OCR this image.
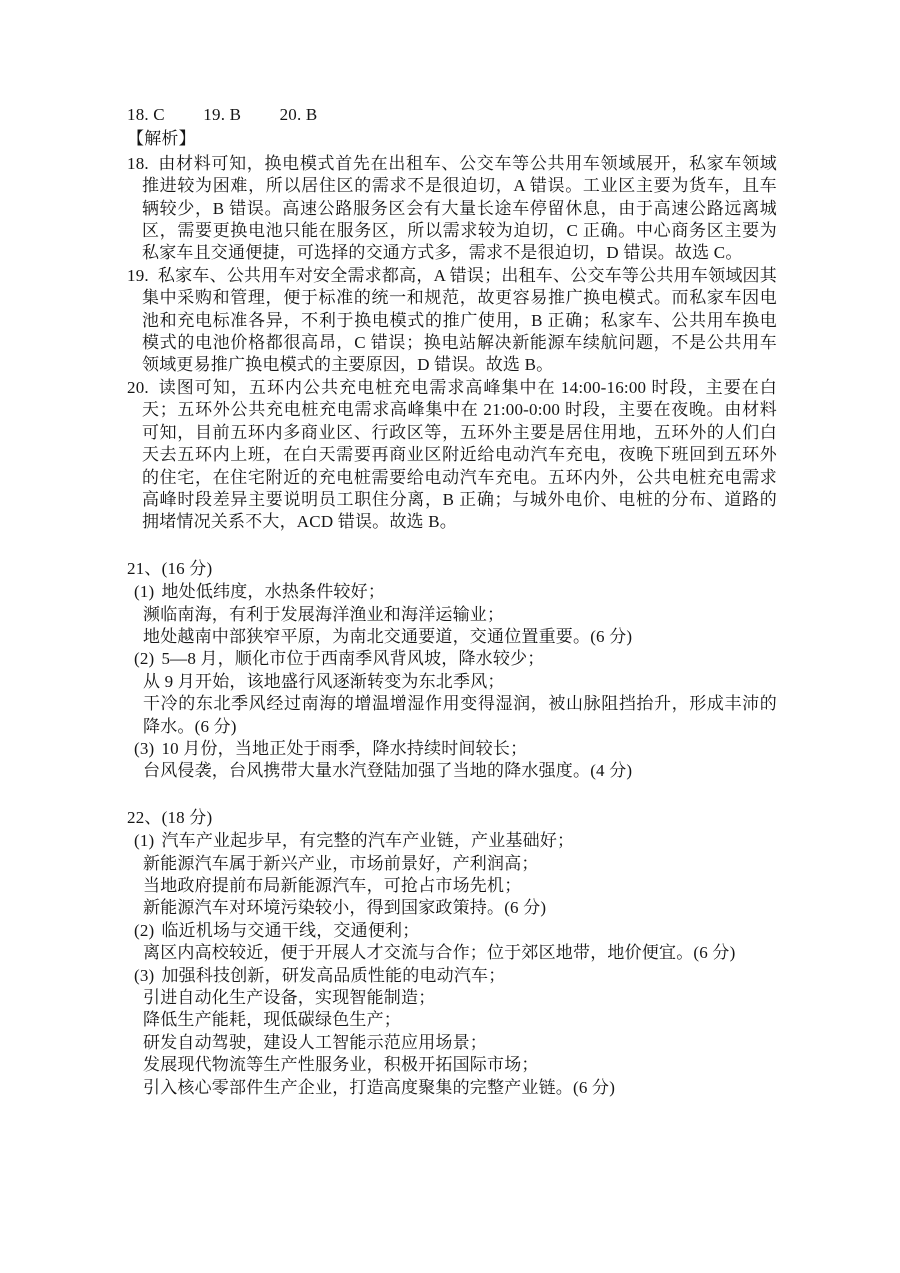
18. C 19. B 20. B
【解析】

18. 由材料可知，换电模式首先在出租车、公交车等公共用车领域展开，私家车领域推进较为困难，所以居住区的需求不是很迫切，A 错误。工业区主要为货车，且车辆较少，B 错误。高速公路服务区会有大量长途车停留休息，由于高速公路远离城区，需要更换电池只能在服务区，所以需求较为迫切，C 正确。中心商务区主要为私家车且交通便捷，可选择的交通方式多，需求不是很迫切，D 错误。故选 C。

19. 私家车、公共用车对安全需求都高，A 错误；出租车、公交车等公共用车领域因其集中采购和管理，便于标准的统一和规范，故更容易推广换电模式。而私家车因电池和充电标准各异，不利于换电模式的推广使用，B 正确；私家车、公共用车换电模式的电池价格都很高昂，C 错误；换电站解决新能源车续航问题，不是公共用车领域更易推广换电模式的主要原因，D 错误。故选 B。

20. 读图可知，五环内公共充电桩充电需求高峰集中在 14:00-16:00 时段，主要在白天；五环外公共充电桩充电需求高峰集中在 21:00-0:00 时段，主要在夜晚。由材料可知，目前五环内多商业区、行政区等，五环外主要是居住用地，五环外的人们白天去五环内上班，在白天需要再商业区附近给电动汽车充电，夜晚下班回到五环外的住宅，在住宅附近的充电桩需要给电动汽车充电。五环内外，公共电桩充电需求高峰时段差异主要说明员工职住分离，B 正确；与城外电价、电桩的分布、道路的拥堵情况关系不大，ACD 错误。故选 B。

21、(16 分)

(1) 地处低纬度，水热条件较好；

濒临南海，有利于发展海洋渔业和海洋运输业；

地处越南中部狭窄平原，为南北交通要道，交通位置重要。(6 分)

(2) 5—8 月，顺化市位于西南季风背风坡，降水较少；

从 9 月开始，该地盛行风逐渐转变为东北季风；

干冷的东北季风经过南海的增温增湿作用变得湿润，被山脉阻挡抬升，形成丰沛的降水。(6 分)

(3) 10 月份，当地正处于雨季，降水持续时间较长；

台风侵袭，台风携带大量水汽登陆加强了当地的降水强度。(4 分)

22、(18 分)

(1) 汽车产业起步早，有完整的汽车产业链，产业基础好；

新能源汽车属于新兴产业，市场前景好，产利润高；

当地政府提前布局新能源汽车，可抢占市场先机；

新能源汽车对环境污染较小，得到国家政策持。(6 分)

(2) 临近机场与交通干线，交通便利；

离区内高校较近，便于开展人才交流与合作；位于郊区地带，地价便宜。(6 分)

(3) 加强科技创新，研发高品质性能的电动汽车；

引进自动化生产设备，实现智能制造；

降低生产能耗，现低碳绿色生产；

研发自动驾驶，建设人工智能示范应用场景；

发展现代物流等生产性服务业，积极开拓国际市场；

引入核心零部件生产企业，打造高度聚集的完整产业链。(6 分)
